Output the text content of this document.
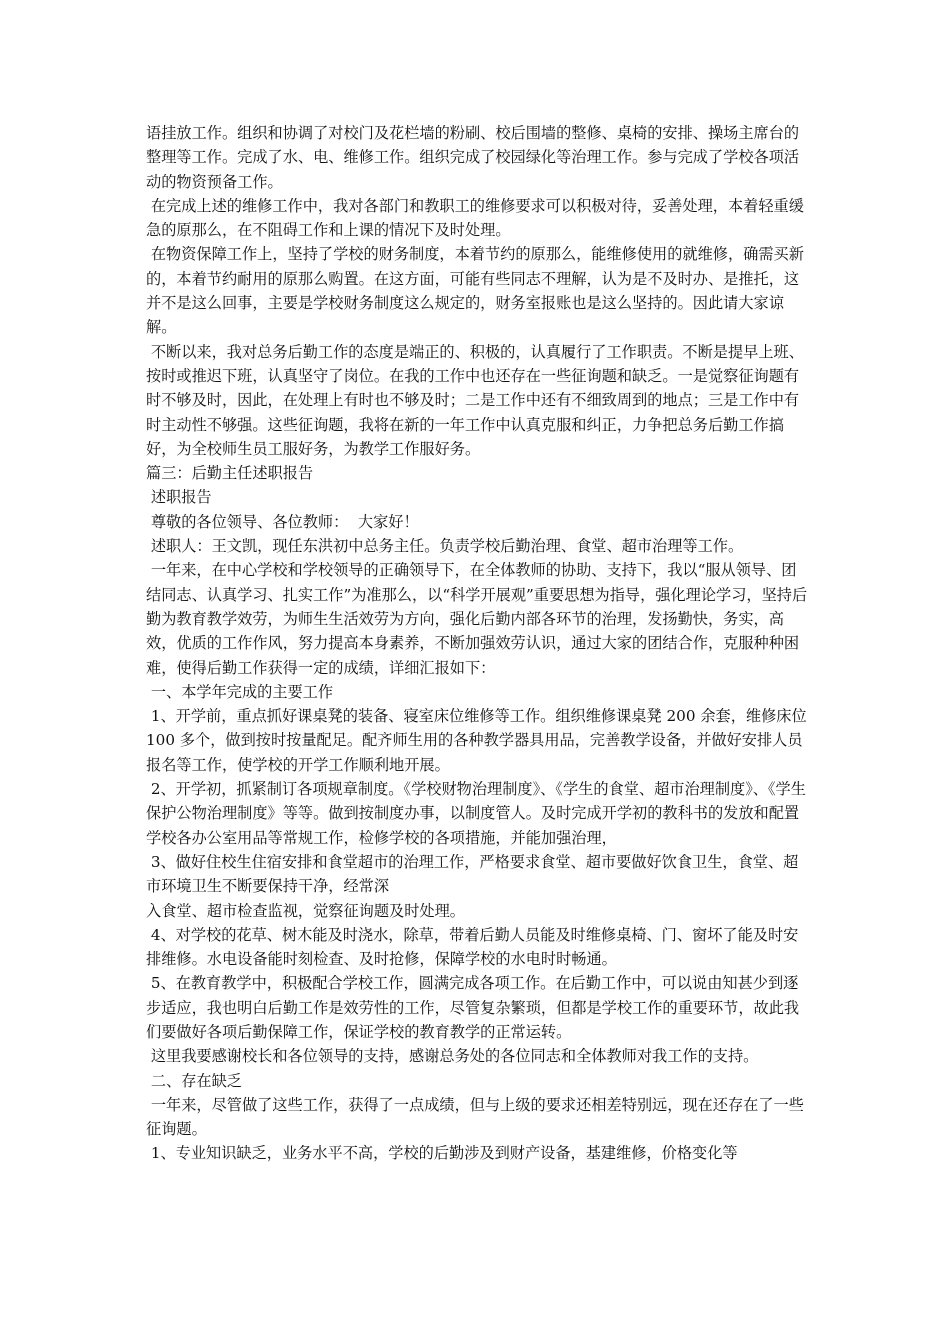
语挂放工作。组织和协调了对校门及花栏墙的粉刷、校后围墙的整修、桌椅的安排、操场主席台的整理等工作。完成了水、电、维修工作。组织完成了校园绿化等治理工作。参与完成了学校各项活动的物资预备工作。

在完成上述的维修工作中，我对各部门和教职工的维修要求可以积极对待，妥善处理，本着轻重缓急的原那么，在不阻碍工作和上课的情况下及时处理。

在物资保障工作上，坚持了学校的财务制度，本着节约的原那么，能维修使用的就维修，确需买新的，本着节约耐用的原那么购置。在这方面，可能有些同志不理解，认为是不及时办、是推托，这并不是这么回事，主要是学校财务制度这么规定的，财务室报账也是这么坚持的。因此请大家谅解。

不断以来，我对总务后勤工作的态度是端正的、积极的，认真履行了工作职责。不断是提早上班、按时或推迟下班，认真坚守了岗位。在我的工作中也还存在一些征询题和缺乏。一是觉察征询题有时不够及时，因此，在处理上有时也不够及时；二是工作中还有不细致周到的地点；三是工作中有时主动性不够强。这些征询题，我将在新的一年工作中认真克服和纠正，力争把总务后勤工作搞好，为全校师生员工服好务，为教学工作服好务。

篇三：后勤主任述职报告

述职报告

尊敬的各位领导、各位教师：  大家好！

述职人：王文凯，现任东洪初中总务主任。负责学校后勤治理、食堂、超市治理等工作。

一年来，在中心学校和学校领导的正确领导下，在全体教师的协助、支持下，我以“服从领导、团结同志、认真学习、扎实工作”为准那么，以“科学开展观”重要思想为指导，强化理论学习，坚持后勤为教育教学效劳，为师生生活效劳为方向，强化后勤内部各环节的治理，发扬勤快，务实，高效，优质的工作作风，努力提高本身素养，不断加强效劳认识，通过大家的团结合作，克服种种困难，使得后勤工作获得一定的成绩，详细汇报如下：

一、本学年完成的主要工作

1、开学前，重点抓好课桌凳的装备、寝室床位维修等工作。组织维修课桌凳 200 余套，维修床位 100 多个，做到按时按量配足。配齐师生用的各种教学器具用品，完善教学设备，并做好安排人员报名等工作，使学校的开学工作顺利地开展。

2、开学初，抓紧制订各项规章制度。《学校财物治理制度》、《学生的食堂、超市治理制度》、《学生保护公物治理制度》等等。做到按制度办事，以制度管人。及时完成开学初的教科书的发放和配置学校各办公室用品等常规工作，检修学校的各项措施，并能加强治理，

3、做好住校生住宿安排和食堂超市的治理工作，严格要求食堂、超市要做好饮食卫生，食堂、超市环境卫生不断要保持干净，经常深

入食堂、超市检查监视，觉察征询题及时处理。

4、对学校的花草、树木能及时浇水，除草，带着后勤人员能及时维修桌椅、门、窗坏了能及时安排维修。水电设备能时刻检查、及时抢修，保障学校的水电时时畅通。

5、在教育教学中，积极配合学校工作，圆满完成各项工作。在后勤工作中，可以说由知甚少到逐步适应，我也明白后勤工作是效劳性的工作，尽管复杂繁琐，但都是学校工作的重要环节，故此我们要做好各项后勤保障工作，保证学校的教育教学的正常运转。

这里我要感谢校长和各位领导的支持，感谢总务处的各位同志和全体教师对我工作的支持。

二、存在缺乏

一年来，尽管做了这些工作，获得了一点成绩，但与上级的要求还相差特别远，现在还存在了一些征询题。

1、专业知识缺乏，业务水平不高，学校的后勤涉及到财产设备，基建维修，价格变化等
